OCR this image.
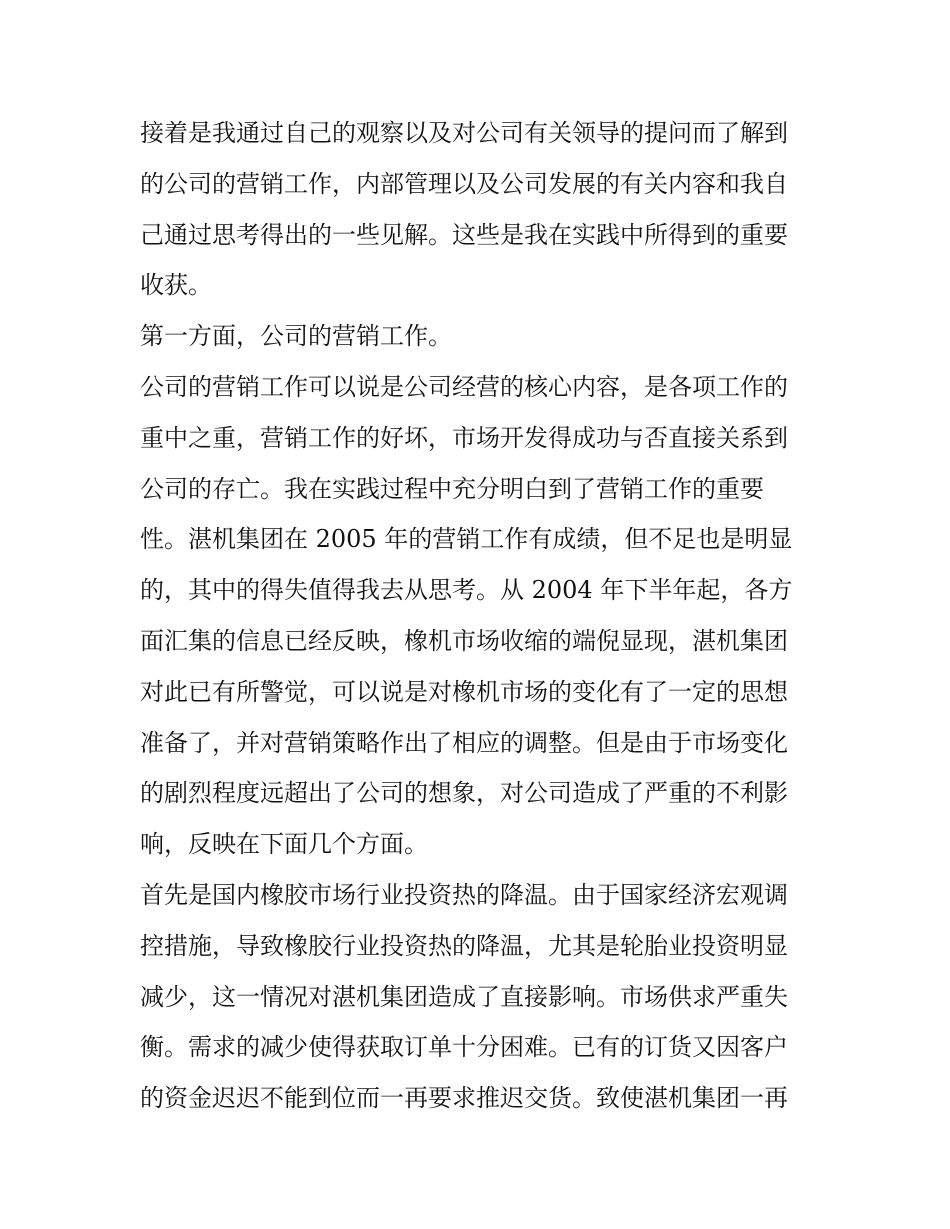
接着是我通过自己的观察以及对公司有关领导的提问而了解到
的公司的营销工作，内部管理以及公司发展的有关内容和我自
己通过思考得出的一些见解。这些是我在实践中所得到的重要
收获。
第一方面，公司的营销工作。
公司的营销工作可以说是公司经营的核心内容，是各项工作的
重中之重，营销工作的好坏，市场开发得成功与否直接关系到
公司的存亡。我在实践过程中充分明白到了营销工作的重要
性。湛机集团在 2005 年的营销工作有成绩，但不足也是明显
的，其中的得失值得我去从思考。从 2004 年下半年起，各方
面汇集的信息已经反映，橡机市场收缩的端倪显现，湛机集团
对此已有所警觉，可以说是对橡机市场的变化有了一定的思想
准备了，并对营销策略作出了相应的调整。但是由于市场变化
的剧烈程度远超出了公司的想象，对公司造成了严重的不利影
响，反映在下面几个方面。
首先是国内橡胶市场行业投资热的降温。由于国家经济宏观调
控措施，导致橡胶行业投资热的降温，尤其是轮胎业投资明显
减少，这一情况对湛机集团造成了直接影响。市场供求严重失
衡。需求的减少使得获取订单十分困难。已有的订货又因客户
的资金迟迟不能到位而一再要求推迟交货。致使湛机集团一再
